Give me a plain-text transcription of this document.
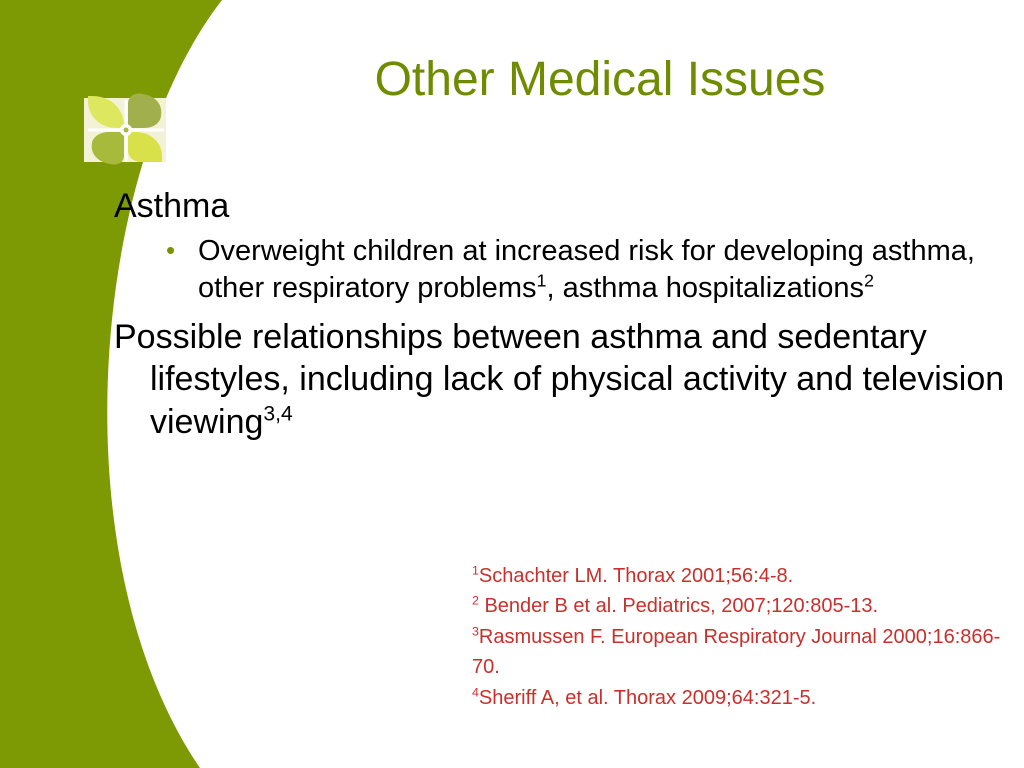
Other Medical Issues

Asthma

• Overweight children at increased risk for developing asthma, other respiratory problems$^1$, asthma hospitalizations$^2$

Possible relationships between asthma and sedentary lifestyles, including lack of physical activity and television viewing$^{3,4}$

$^1$Schachter LM. Thorax 2001;56:4-8.

$^2$ Bender B et al. Pediatrics, 2007;120:805-13.

$^3$Rasmussen F. European Respiratory Journal 2000;16:866-70.

$^4$Sheriff A, et al. Thorax 2009;64:321-5.
